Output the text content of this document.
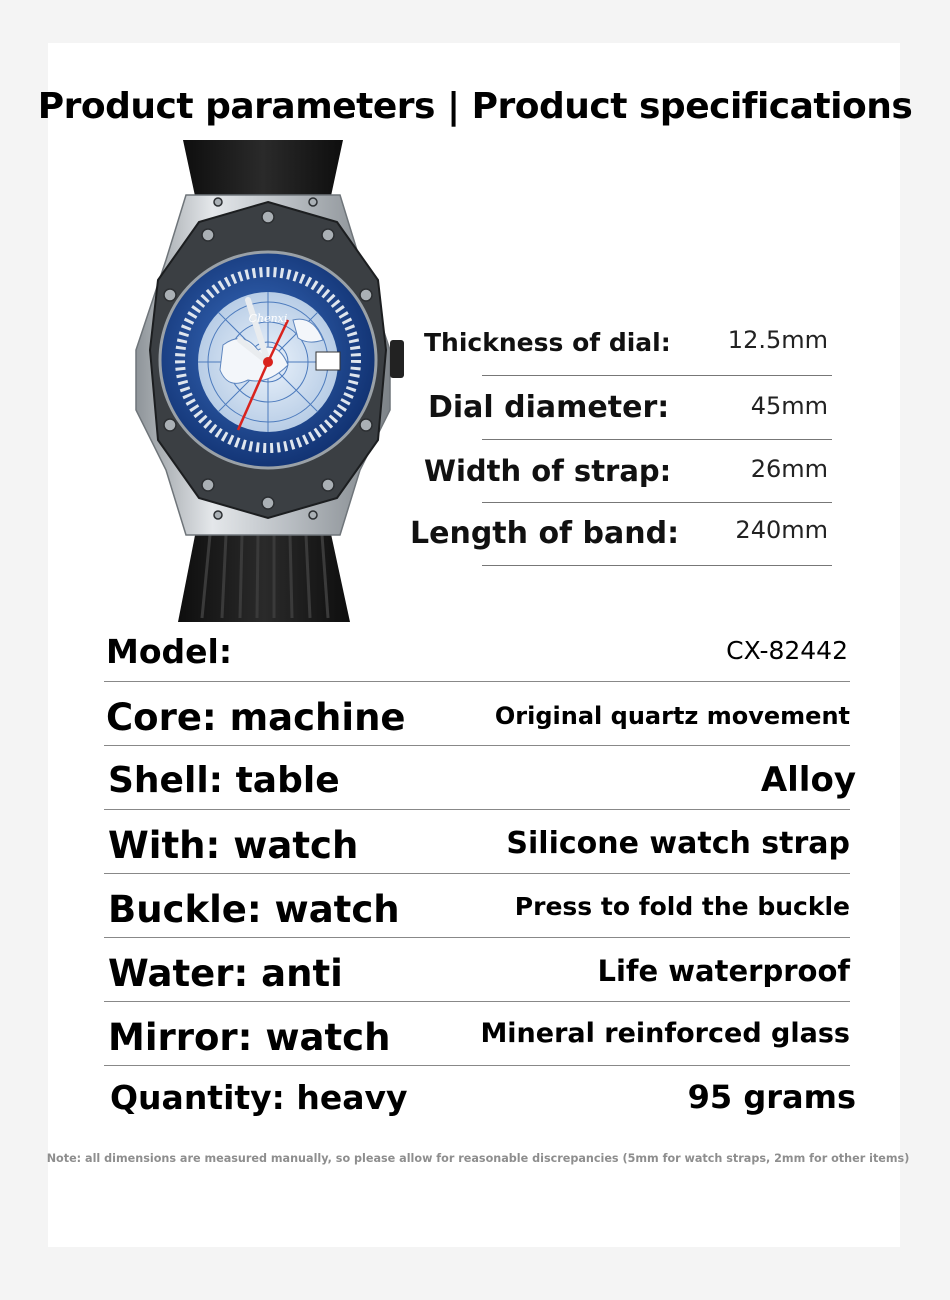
Product parameters | Product specifications
Chenxi
Thickness of dial: 12.5mm
Dial diameter:	45mm
Width of strap:	26mm
Length of band: 240mm
Model:	CX-82442
Core: machine	Original quartz movement
Shell: table	Alloy
With: watch	Silicone watch strap
Buckle: watch	Press to fold the buckle
Water: anti	Life waterproof
Mirror: watch	Mineral reinforced glass
Quantity: heavy	95 grams
Note: all dimensions are measured manually, so please allow for reasonable discrepancies (5mm for watch straps, 2mm for other items)
